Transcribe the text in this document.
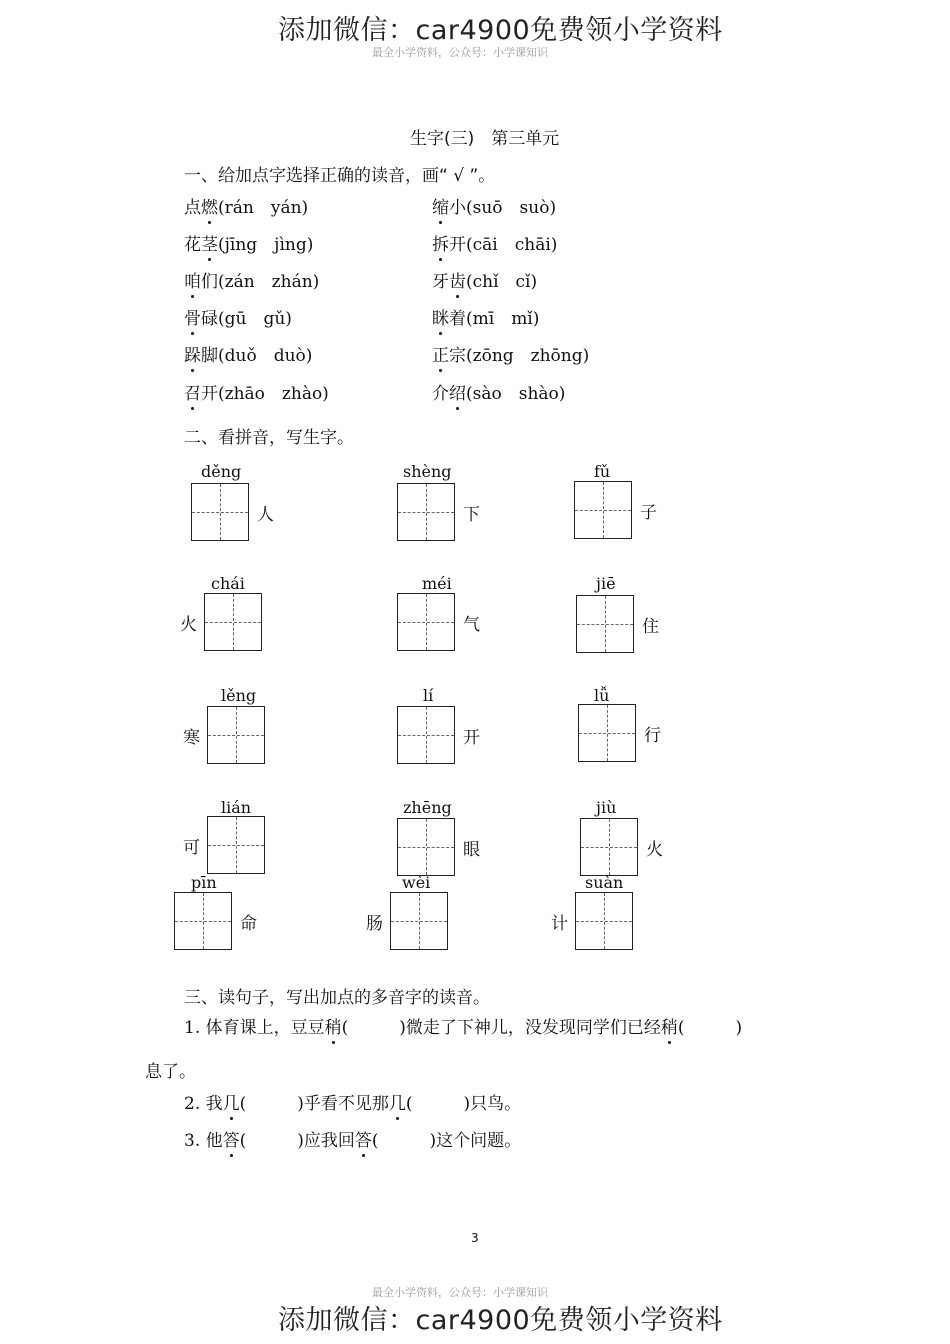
添加微信：car4900免费领小学资料
最全小学资料，公众号：小学课知识
生字(三)　第三单元
一、给加点字选择正确的读音，画“ √ ”。
点燃(rán　yán)	缩小(suō　suò)
花茎(jīng　jìng)	拆开(cāi　chāi)
咱们(zán　zhán)	牙齿(chǐ　cǐ)
骨碌(gū　gǔ)	眯着(mī　mǐ)
跺脚(duǒ　duò)	正宗(zōng　zhōng)
召开(zhāo　zhào)	介绍(sào　shào)
二、看拼音，写生字。
děng
人
shèng
下
fǔ
子
chái
火
méi
气
jiē
住
lěng
寒
lí
开
lǚ
行
lián
可
zhēng
眼
jiù
火
pīn
命
wèi
肠
suàn
计
三、读句子，写出加点的多音字的读音。
1. 体育课上，豆豆稍(　　　)微走了下神儿，没发现同学们已经稍(　　　)
息了。
2. 我几(　　　)乎看不见那几(　　　)只鸟。
3. 他答(　　　)应我回答(　　　)这个问题。
3
最全小学资料，公众号：小学课知识
添加微信：car4900免费领小学资料
